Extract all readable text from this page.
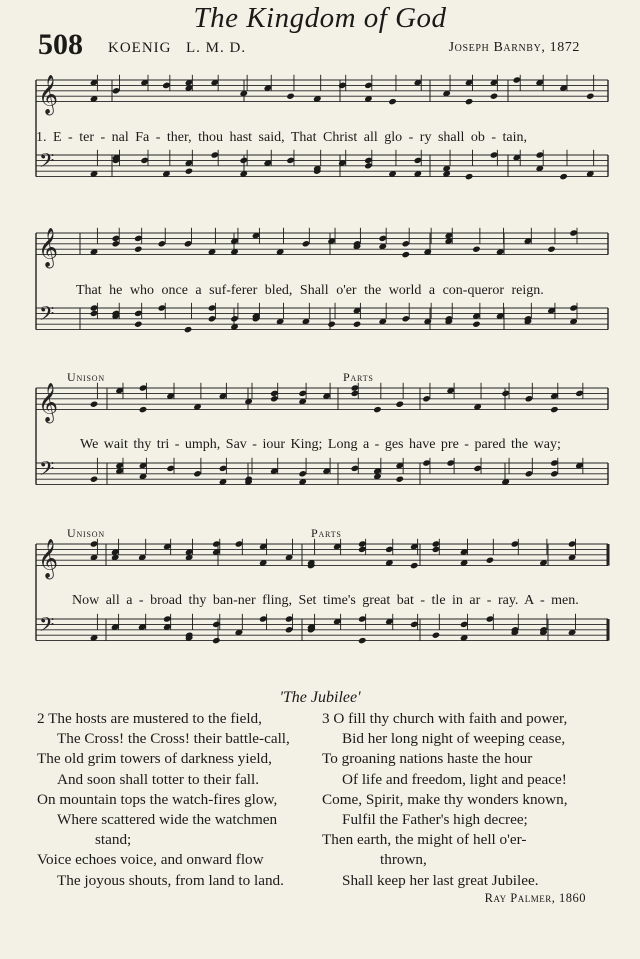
The Kingdom of God
508 KOENIG L. M. D.	Joseph Barnby, 1872
𝄞
𝄢
1. E - ter - nal Fa - ther, thou hast said, That Christ all glo - ry shall ob - tain,
𝄞
𝄢
That he who once a suf-ferer bled, Shall o'er the world a con-queror reign.
Unison	Parts
𝄞
𝄢
We wait thy tri - umph, Sav - iour King; Long a - ges have pre - pared the way;
Unison	Parts
𝄞
𝄢
Now all a - broad thy ban-ner fling, Set time's great bat - tle in ar - ray. A - men.
'The Jubilee'
2 The hosts are mustered to the field,
The Cross! the Cross! their battle-call,
The old grim towers of darkness yield,
And soon shall totter to their fall.
On mountain tops the watch-fires glow,
Where scattered wide the watchmen
stand;
Voice echoes voice, and onward flow
The joyous shouts, from land to land.
3 O fill thy church with faith and power,
Bid her long night of weeping cease,
To groaning nations haste the hour
Of life and freedom, light and peace!
Come, Spirit, make thy wonders known,
Fulfil the Father's high decree;
Then earth, the might of hell o'er-
thrown,
Shall keep her last great Jubilee.
Ray Palmer, 1860
